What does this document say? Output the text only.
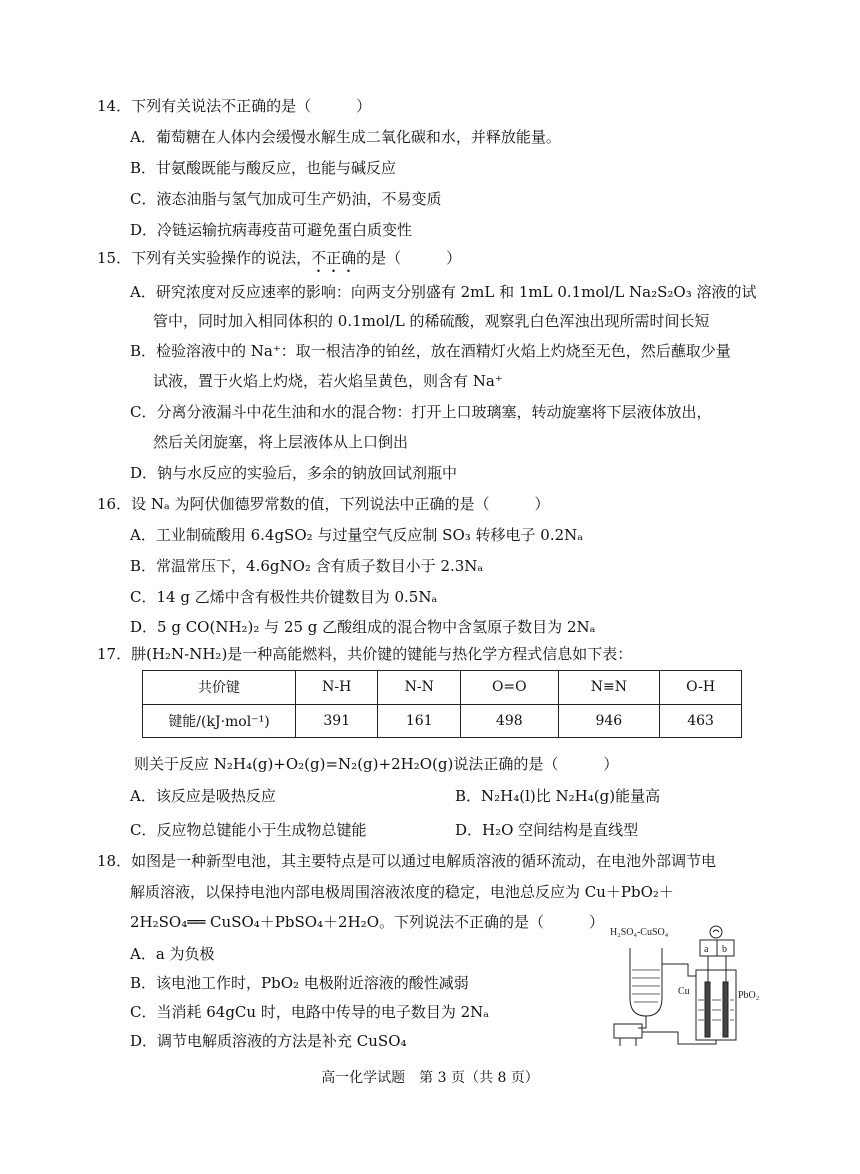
14．下列有关说法不正确的是（　　　）
A．葡萄糖在人体内会缓慢水解生成二氧化碳和水，并释放能量。
B．甘氨酸既能与酸反应，也能与碱反应
C．液态油脂与氢气加成可生产奶油，不易变质
D．冷链运输抗病毒疫苗可避免蛋白质变性
15．下列有关实验操作的说法，不正确的是（　　　）
A．研究浓度对反应速率的影响：向两支分别盛有 2mL 和 1mL 0.1mol/L Na₂S₂O₃ 溶液的试
管中，同时加入相同体积的 0.1mol/L 的稀硫酸，观察乳白色浑浊出现所需时间长短
B．检验溶液中的 Na⁺：取一根洁净的铂丝，放在酒精灯火焰上灼烧至无色，然后蘸取少量
试液，置于火焰上灼烧，若火焰呈黄色，则含有 Na⁺
C．分离分液漏斗中花生油和水的混合物：打开上口玻璃塞，转动旋塞将下层液体放出，
然后关闭旋塞，将上层液体从上口倒出
D．钠与水反应的实验后，多余的钠放回试剂瓶中
16．设 Nₐ 为阿伏伽德罗常数的值，下列说法中正确的是（　　　）
A．工业制硫酸用 6.4gSO₂ 与过量空气反应制 SO₃ 转移电子 0.2Nₐ
B．常温常压下，4.6gNO₂ 含有质子数目小于 2.3Nₐ
C．14 g 乙烯中含有极性共价键数目为 0.5Nₐ
D．5 g CO(NH₂)₂ 与 25 g 乙酸组成的混合物中含氢原子数目为 2Nₐ
17．肼(H₂N-NH₂)是一种高能燃料，共价键的键能与热化学方程式信息如下表：
共价键	N-H	N-N	O=O	N≡N	O-H
键能/(kJ·mol⁻¹)	391	161	498	946	463
则关于反应 N₂H₄(g)+O₂(g)=N₂(g)+2H₂O(g)说法正确的是（　　　）
A．该反应是吸热反应	B．N₂H₄(l)比 N₂H₄(g)能量高
C．反应物总键能小于生成物总键能	D．H₂O 空间结构是直线型
18．如图是一种新型电池，其主要特点是可以通过电解质溶液的循环流动，在电池外部调节电
解质溶液，以保持电池内部电极周围溶液浓度的稳定，电池总反应为 Cu＋PbO₂＋
2H₂SO₄══ CuSO₄＋PbSO₄＋2H₂O。下列说法不正确的是（　　　）
A．a 为负极
B．该电池工作时，PbO₂ 电极附近溶液的酸性减弱
C．当消耗 64gCu 时，电路中传导的电子数目为 2Nₐ
D．调节电解质溶液的方法是补充 CuSO₄
H₂SO₄-CuSO₄
a b
Cu	PbO₂
高一化学试题　第 3 页（共 8 页）
